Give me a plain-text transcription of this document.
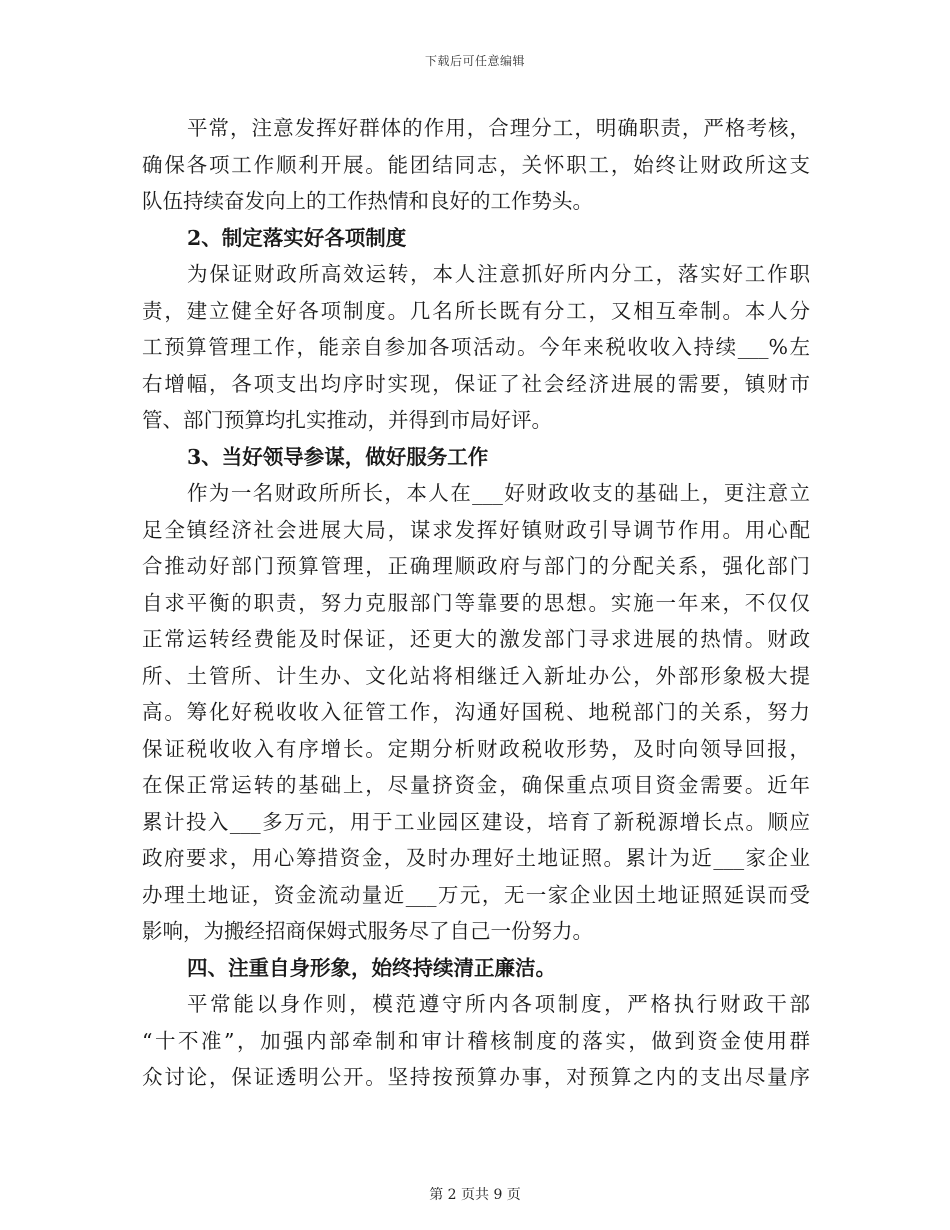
下载后可任意编辑
平常，注意发挥好群体的作用，合理分工，明确职责，严格考核，
确保各项工作顺利开展。能团结同志，关怀职工，始终让财政所这支
队伍持续奋发向上的工作热情和良好的工作势头。
2、制定落实好各项制度
为保证财政所高效运转，本人注意抓好所内分工，落实好工作职
责，建立健全好各项制度。几名所长既有分工，又相互牵制。本人分
工预算管理工作，能亲自参加各项活动。今年来税收收入持续___%左
右增幅，各项支出均序时实现，保证了社会经济进展的需要，镇财市
管、部门预算均扎实推动，并得到市局好评。
3、当好领导参谋，做好服务工作
作为一名财政所所长，本人在___好财政收支的基础上，更注意立
足全镇经济社会进展大局，谋求发挥好镇财政引导调节作用。用心配
合推动好部门预算管理，正确理顺政府与部门的分配关系，强化部门
自求平衡的职责，努力克服部门等靠要的思想。实施一年来，不仅仅
正常运转经费能及时保证，还更大的激发部门寻求进展的热情。财政
所、土管所、计生办、文化站将相继迁入新址办公，外部形象极大提
高。筹化好税收收入征管工作，沟通好国税、地税部门的关系，努力
保证税收收入有序增长。定期分析财政税收形势，及时向领导回报，
在保正常运转的基础上，尽量挤资金，确保重点项目资金需要。近年
累计投入___多万元，用于工业园区建设，培育了新税源增长点。顺应
政府要求，用心筹措资金，及时办理好土地证照。累计为近___家企业
办理土地证，资金流动量近___万元，无一家企业因土地证照延误而受
影响，为搬经招商保姆式服务尽了自己一份努力。
四、注重自身形象，始终持续清正廉洁。
平常能以身作则，模范遵守所内各项制度，严格执行财政干部
“十不准”，加强内部牵制和审计稽核制度的落实，做到资金使用群
众讨论，保证透明公开。坚持按预算办事，对预算之内的支出尽量序
第 2 页共 9 页
